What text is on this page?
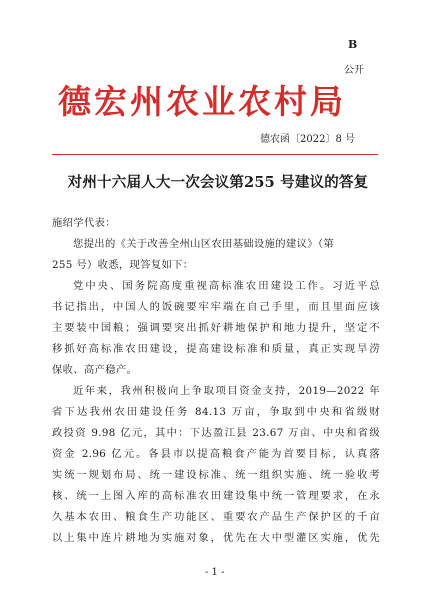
B
公开
德宏州农业农村局
德农函〔2022〕8 号
对州十六届人大一次会议第255 号建议的答复
施绍学代表：
您提出的《关于改善全州山区农田基础设施的建议》（第
255 号）收悉，现答复如下：
党中央、国务院高度重视高标准农田建设工作。习近平总
书记指出，中国人的饭碗要牢牢端在自己手里，而且里面应该
主要装中国粮；强调要突出抓好耕地保护和地力提升，坚定不
移抓好高标准农田建设，提高建设标准和质量，真正实现旱涝
保收、高产稳产。
近年来，我州积极向上争取项目资金支持，2019—2022 年
省下达我州农田建设任务 84.13 万亩，争取到中央和省级财
政投资 9.98 亿元，其中：下达盈江县 23.67 万亩、中央和省级
资金 2.96 亿元。各县市以提高粮食产能为首要目标，认真落
实统一规划布局、统一建设标准、统一组织实施、统一验收考
核、统一上图入库的高标准农田建设集中统一管理要求，在永
久基本农田、粮食生产功能区、重要农产品生产保护区的千亩
以上集中连片耕地为实施对象，优先在大中型灌区实施，优先
- 1 -
